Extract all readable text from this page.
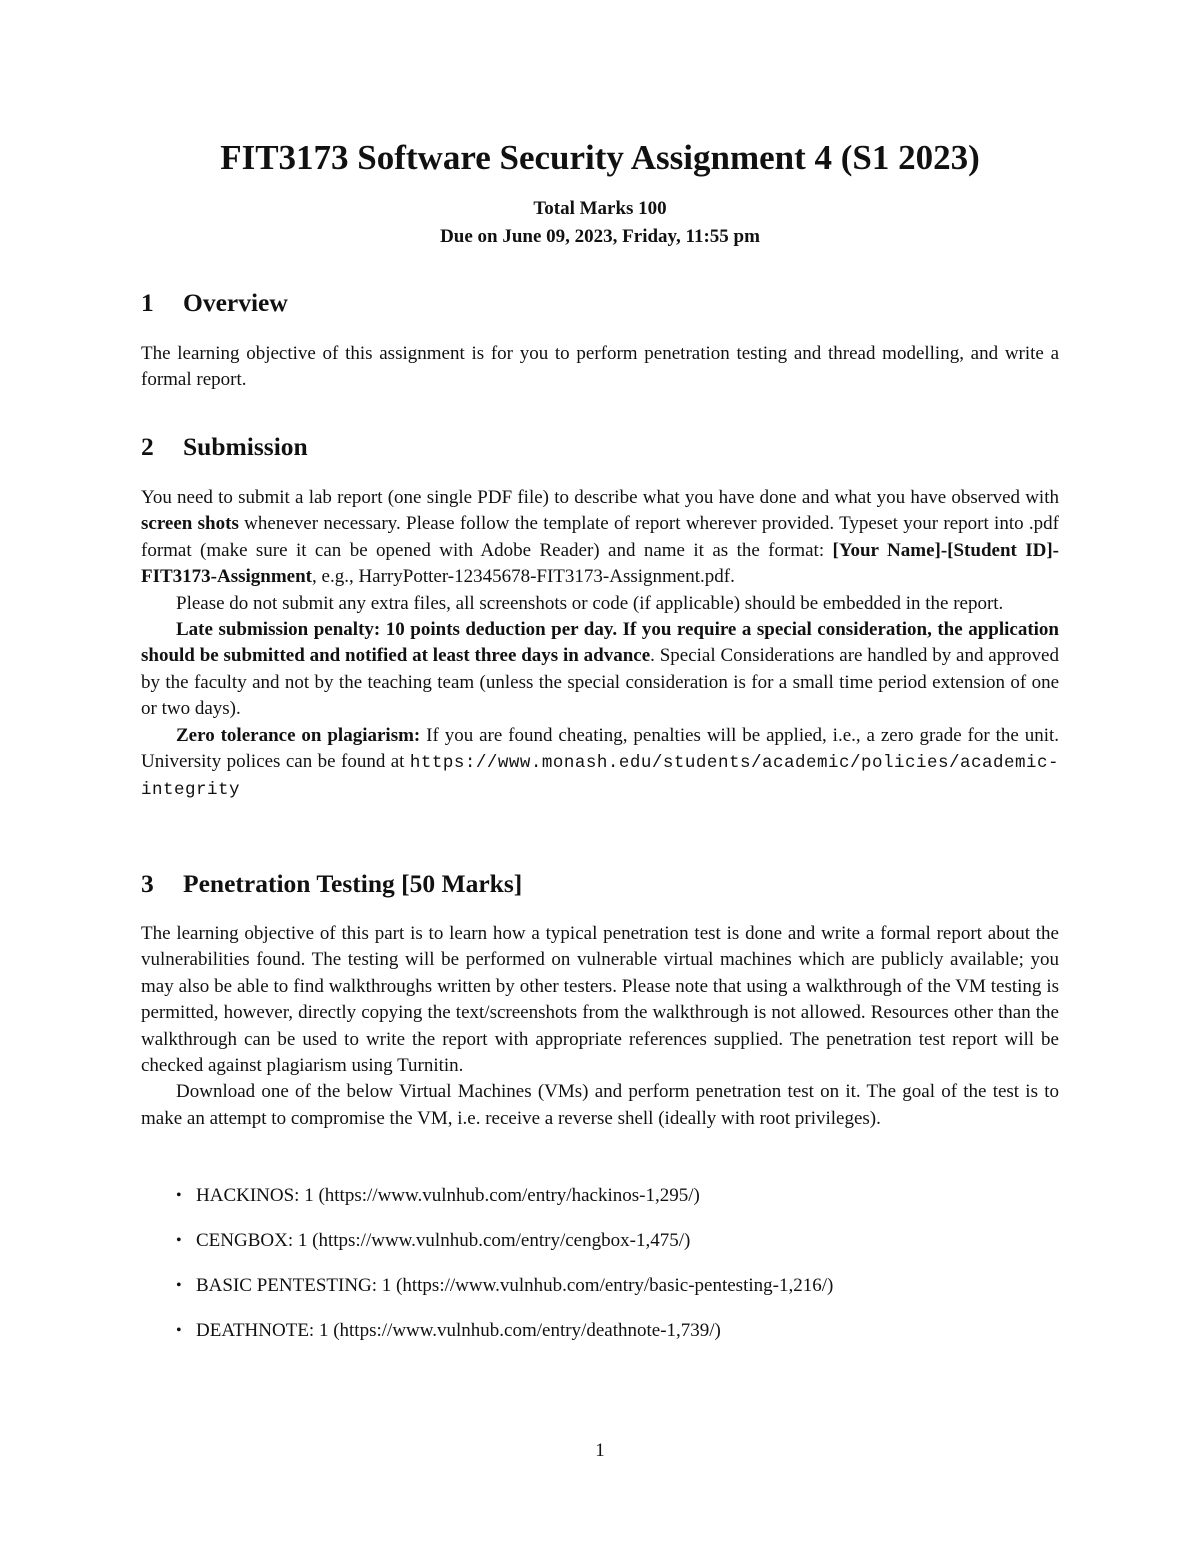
FIT3173 Software Security Assignment 4 (S1 2023)
Total Marks 100
Due on June 09, 2023, Friday, 11:55 pm
1 Overview

The learning objective of this assignment is for you to perform penetration testing and thread modelling, and write a formal report.

2 Submission

You need to submit a lab report (one single PDF file) to describe what you have done and what you have observed with screen shots whenever necessary. Please follow the template of report wherever provided. Typeset your report into .pdf format (make sure it can be opened with Adobe Reader) and name it as the format: [Your Name]-[Student ID]-FIT3173-Assignment, e.g., HarryPotter-12345678-FIT3173-Assignment.pdf.

Please do not submit any extra files, all screenshots or code (if applicable) should be embedded in the report.

Late submission penalty: 10 points deduction per day. If you require a special consideration, the application should be submitted and notified at least three days in advance. Special Considerations are handled by and approved by the faculty and not by the teaching team (unless the special consideration is for a small time period extension of one or two days).

Zero tolerance on plagiarism: If you are found cheating, penalties will be applied, i.e., a zero grade for the unit. University polices can be found at https://www.monash.edu/students/academic/policies/academic-integrity

3 Penetration Testing [50 Marks]

The learning objective of this part is to learn how a typical penetration test is done and write a formal report about the vulnerabilities found. The testing will be performed on vulnerable virtual machines which are publicly available; you may also be able to find walkthroughs written by other testers. Please note that using a walkthrough of the VM testing is permitted, however, directly copying the text/screenshots from the walkthrough is not allowed. Resources other than the walkthrough can be used to write the report with appropriate references supplied. The penetration test report will be checked against plagiarism using Turnitin.

Download one of the below Virtual Machines (VMs) and perform penetration test on it. The goal of the test is to make an attempt to compromise the VM, i.e. receive a reverse shell (ideally with root privileges).

• HACKINOS: 1 (https://www.vulnhub.com/entry/hackinos-1,295/)
• CENGBOX: 1 (https://www.vulnhub.com/entry/cengbox-1,475/)
• BASIC PENTESTING: 1 (https://www.vulnhub.com/entry/basic-pentesting-1,216/)
• DEATHNOTE: 1 (https://www.vulnhub.com/entry/deathnote-1,739/)
1
